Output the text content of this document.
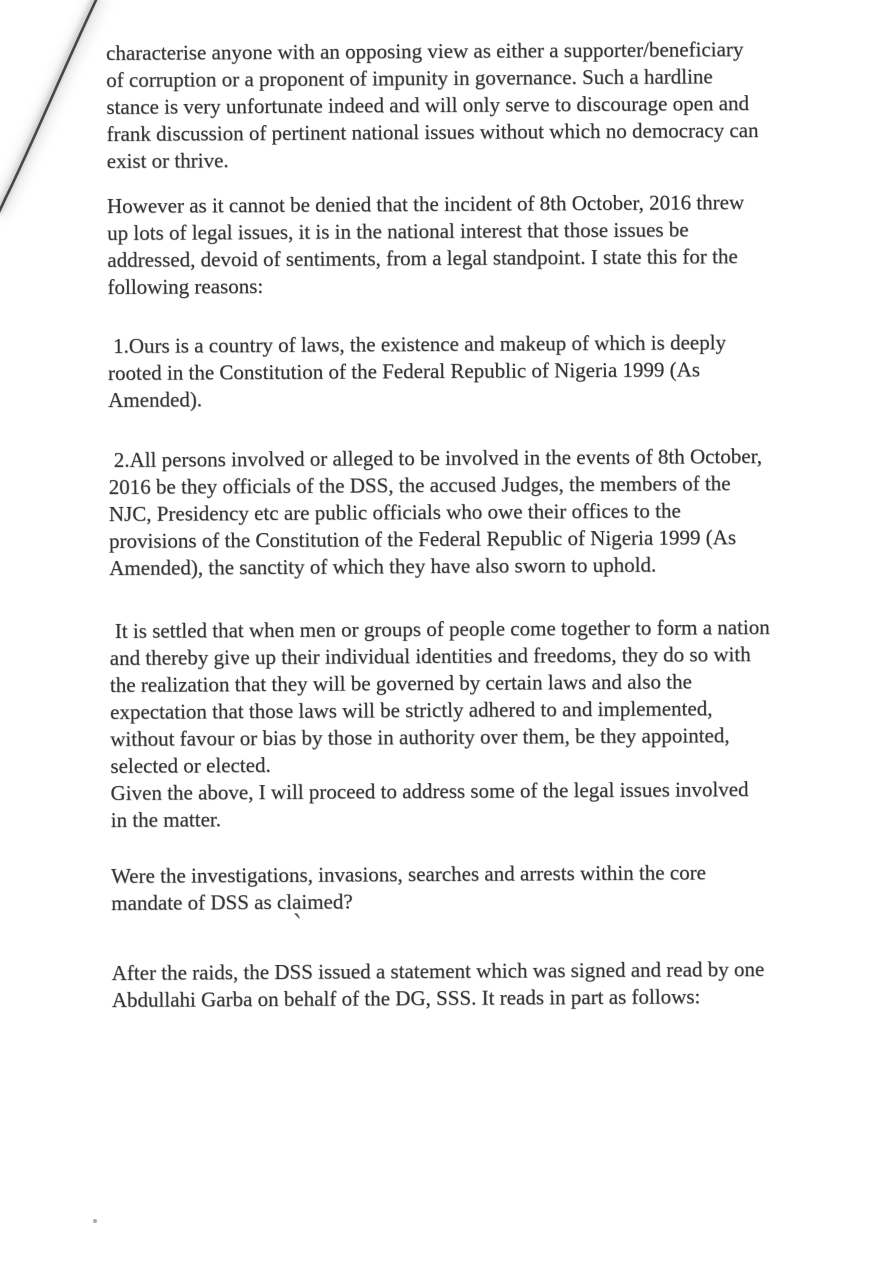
characterise anyone with an opposing view as either a supporter/beneficiary
of corruption or a proponent of impunity in governance. Such a hardline
stance is very unfortunate indeed and will only serve to discourage open and
frank discussion of pertinent national issues without which no democracy can
exist or thrive.
However as it cannot be denied that the incident of 8th October, 2016 threw
up lots of legal issues, it is in the national interest that those issues be
addressed, devoid of sentiments, from a legal standpoint. I state this for the
following reasons:
1.Ours is a country of laws, the existence and makeup of which is deeply
rooted in the Constitution of the Federal Republic of Nigeria 1999 (As
Amended).
2.All persons involved or alleged to be involved in the events of 8th October,
2016 be they officials of the DSS, the accused Judges, the members of the
NJC, Presidency etc are public officials who owe their offices to the
provisions of the Constitution of the Federal Republic of Nigeria 1999 (As
Amended), the sanctity of which they have also sworn to uphold.
It is settled that when men or groups of people come together to form a nation
and thereby give up their individual identities and freedoms, they do so with
the realization that they will be governed by certain laws and also the
expectation that those laws will be strictly adhered to and implemented,
without favour or bias by those in authority over them, be they appointed,
selected or elected.
Given the above, I will proceed to address some of the legal issues involved
in the matter.
Were the investigations, invasions, searches and arrests within the core
mandate of DSS as claimed?
After the raids, the DSS issued a statement which was signed and read by one
Abdullahi Garba on behalf of the DG, SSS. It reads in part as follows:
`
